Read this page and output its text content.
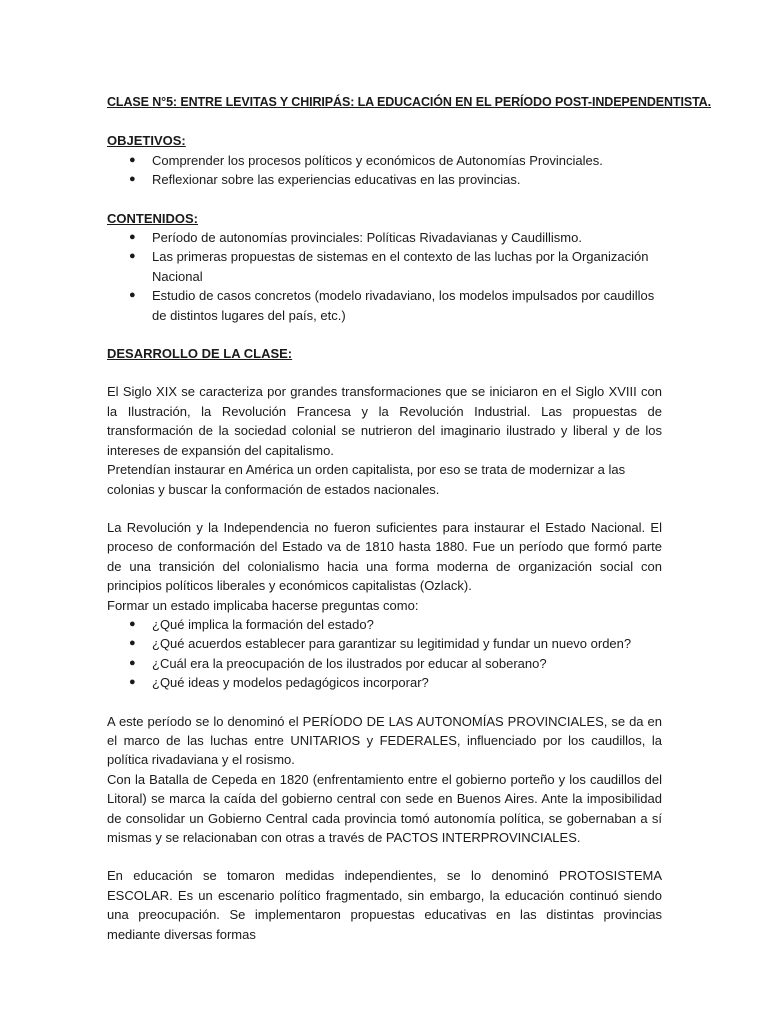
CLASE N°5: ENTRE LEVITAS Y CHIRIPÁS: LA EDUCACIÓN EN EL PERÍODO POST-INDEPENDENTISTA.

OBJETIVOS:

● Comprender los procesos políticos y económicos de Autonomías Provinciales.
● Reflexionar sobre las experiencias educativas en las provincias.

CONTENIDOS:

● Período de autonomías provinciales: Políticas Rivadavianas y Caudillismo.
● Las primeras propuestas de sistemas en el contexto de las luchas por la Organización Nacional
● Estudio de casos concretos (modelo rivadaviano, los modelos impulsados por caudillos de distintos lugares del país, etc.)

DESARROLLO DE LA CLASE:

El Siglo XIX se caracteriza por grandes transformaciones que se iniciaron en el Siglo XVIII con la Ilustración, la Revolución Francesa y la Revolución Industrial. Las propuestas de transformación de la sociedad colonial se nutrieron del imaginario ilustrado y liberal y de los intereses de expansión del capitalismo.

Pretendían instaurar en América un orden capitalista, por eso se trata de modernizar a las colonias y buscar la conformación de estados nacionales.

La Revolución y la Independencia no fueron suficientes para instaurar el Estado Nacional. El proceso de conformación del Estado va de 1810 hasta 1880. Fue un período que formó parte de una transición del colonialismo hacia una forma moderna de organización social con principios políticos liberales y económicos capitalistas (Ozlack).

Formar un estado implicaba hacerse preguntas como:

● ¿Qué implica la formación del estado?
● ¿Qué acuerdos establecer para garantizar su legitimidad y fundar un nuevo orden?
● ¿Cuál era la preocupación de los ilustrados por educar al soberano?
● ¿Qué ideas y modelos pedagógicos incorporar?

A este período se lo denominó el PERÍODO DE LAS AUTONOMÍAS PROVINCIALES, se da en el marco de las luchas entre UNITARIOS y FEDERALES, influenciado por los caudillos, la política rivadaviana y el rosismo.

Con la Batalla de Cepeda en 1820 (enfrentamiento entre el gobierno porteño y los caudillos del Litoral) se marca la caída del gobierno central con sede en Buenos Aires. Ante la imposibilidad de consolidar un Gobierno Central cada provincia tomó autonomía política, se gobernaban a sí mismas y se relacionaban con otras a través de PACTOS INTERPROVINCIALES.

En educación se tomaron medidas independientes, se lo denominó PROTOSISTEMA ESCOLAR. Es un escenario político fragmentado, sin embargo, la educación continuó siendo una preocupación. Se implementaron propuestas educativas en las distintas provincias mediante diversas formas
